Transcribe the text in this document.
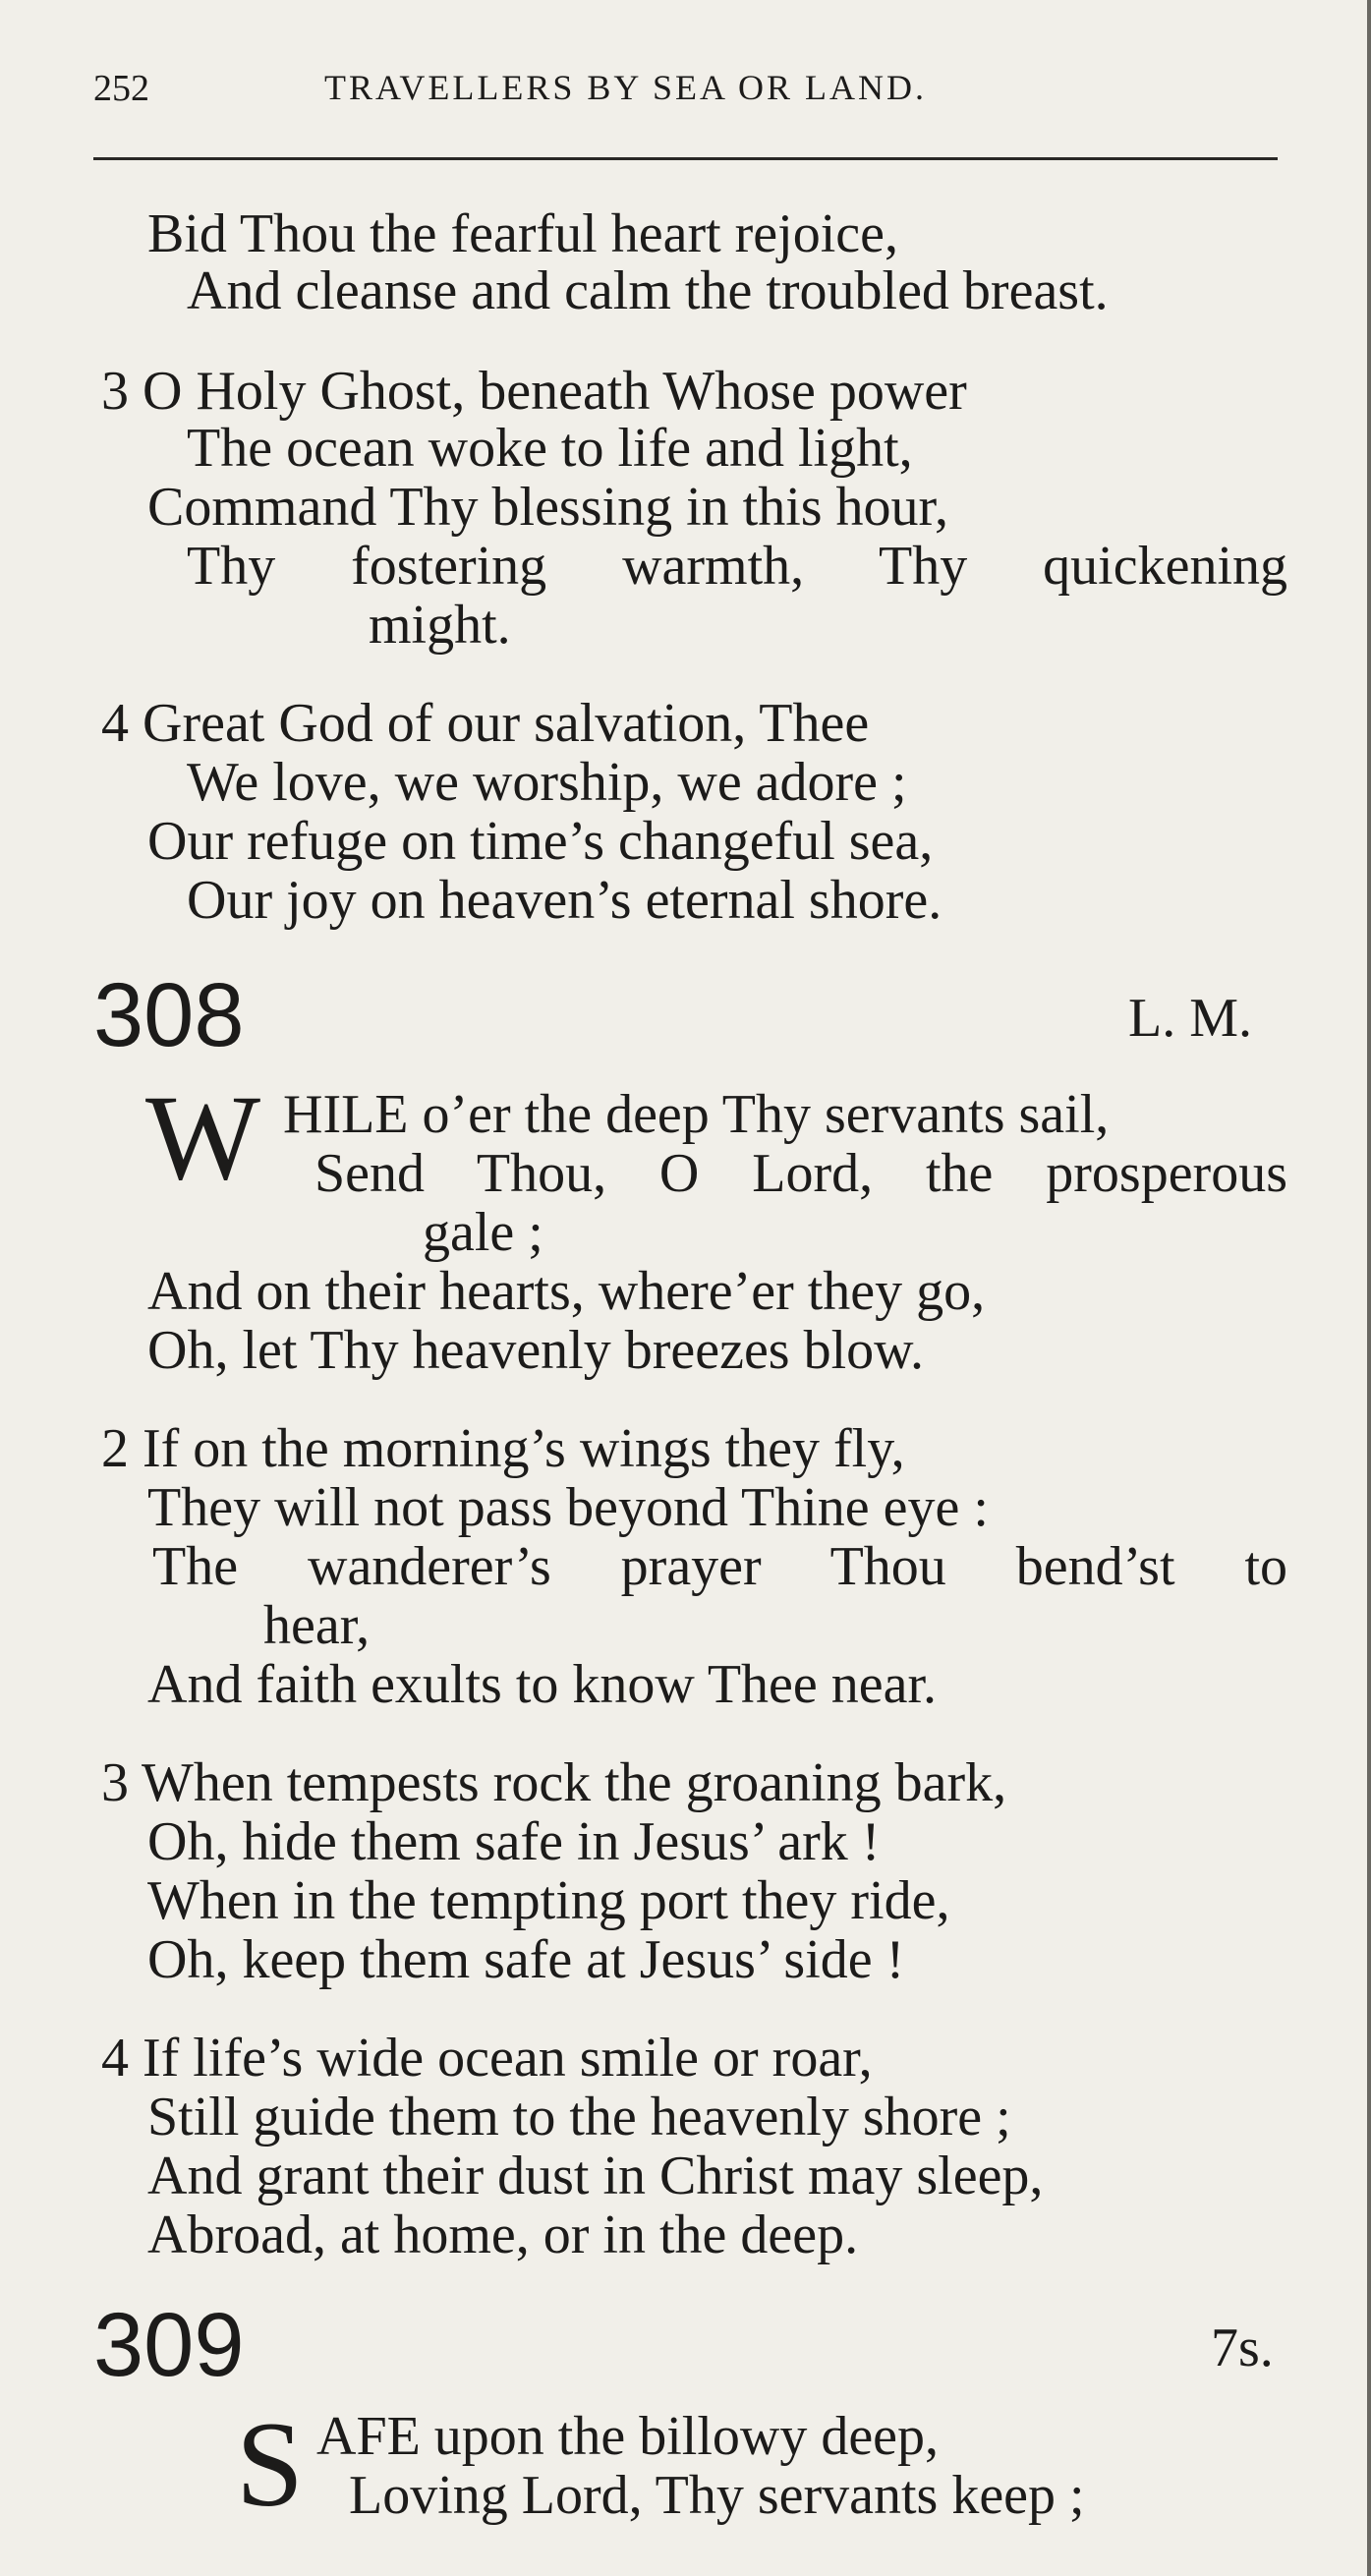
252	TRAVELLERS BY SEA OR LAND.
Bid Thou the fearful heart rejoice,
And cleanse and calm the troubled breast.
3 O Holy Ghost, beneath Whose power
The ocean woke to life and light,
Command Thy blessing in this hour,
Thy fostering warmth, Thy quickening
might.
4 Great God of our salvation, Thee
We love, we worship, we adore ;
Our refuge on time’s changeful sea,
Our joy on heaven’s eternal shore.
308	L. M.
W HILE o’er the deep Thy servants sail,
Send Thou, O Lord, the prosperous
gale ;
And on their hearts, where’er they go,
Oh, let Thy heavenly breezes blow.
2 If on the morning’s wings they fly,
They will not pass beyond Thine eye :
The wanderer’s prayer Thou bend’st to
hear,
And faith exults to know Thee near.
3 When tempests rock the groaning bark,
Oh, hide them safe in Jesus’ ark !
When in the tempting port they ride,
Oh, keep them safe at Jesus’ side !
4 If life’s wide ocean smile or roar,
Still guide them to the heavenly shore ;
And grant their dust in Christ may sleep,
Abroad, at home, or in the deep.
309	7s.
S AFE upon the billowy deep,
Loving Lord, Thy servants keep ;
